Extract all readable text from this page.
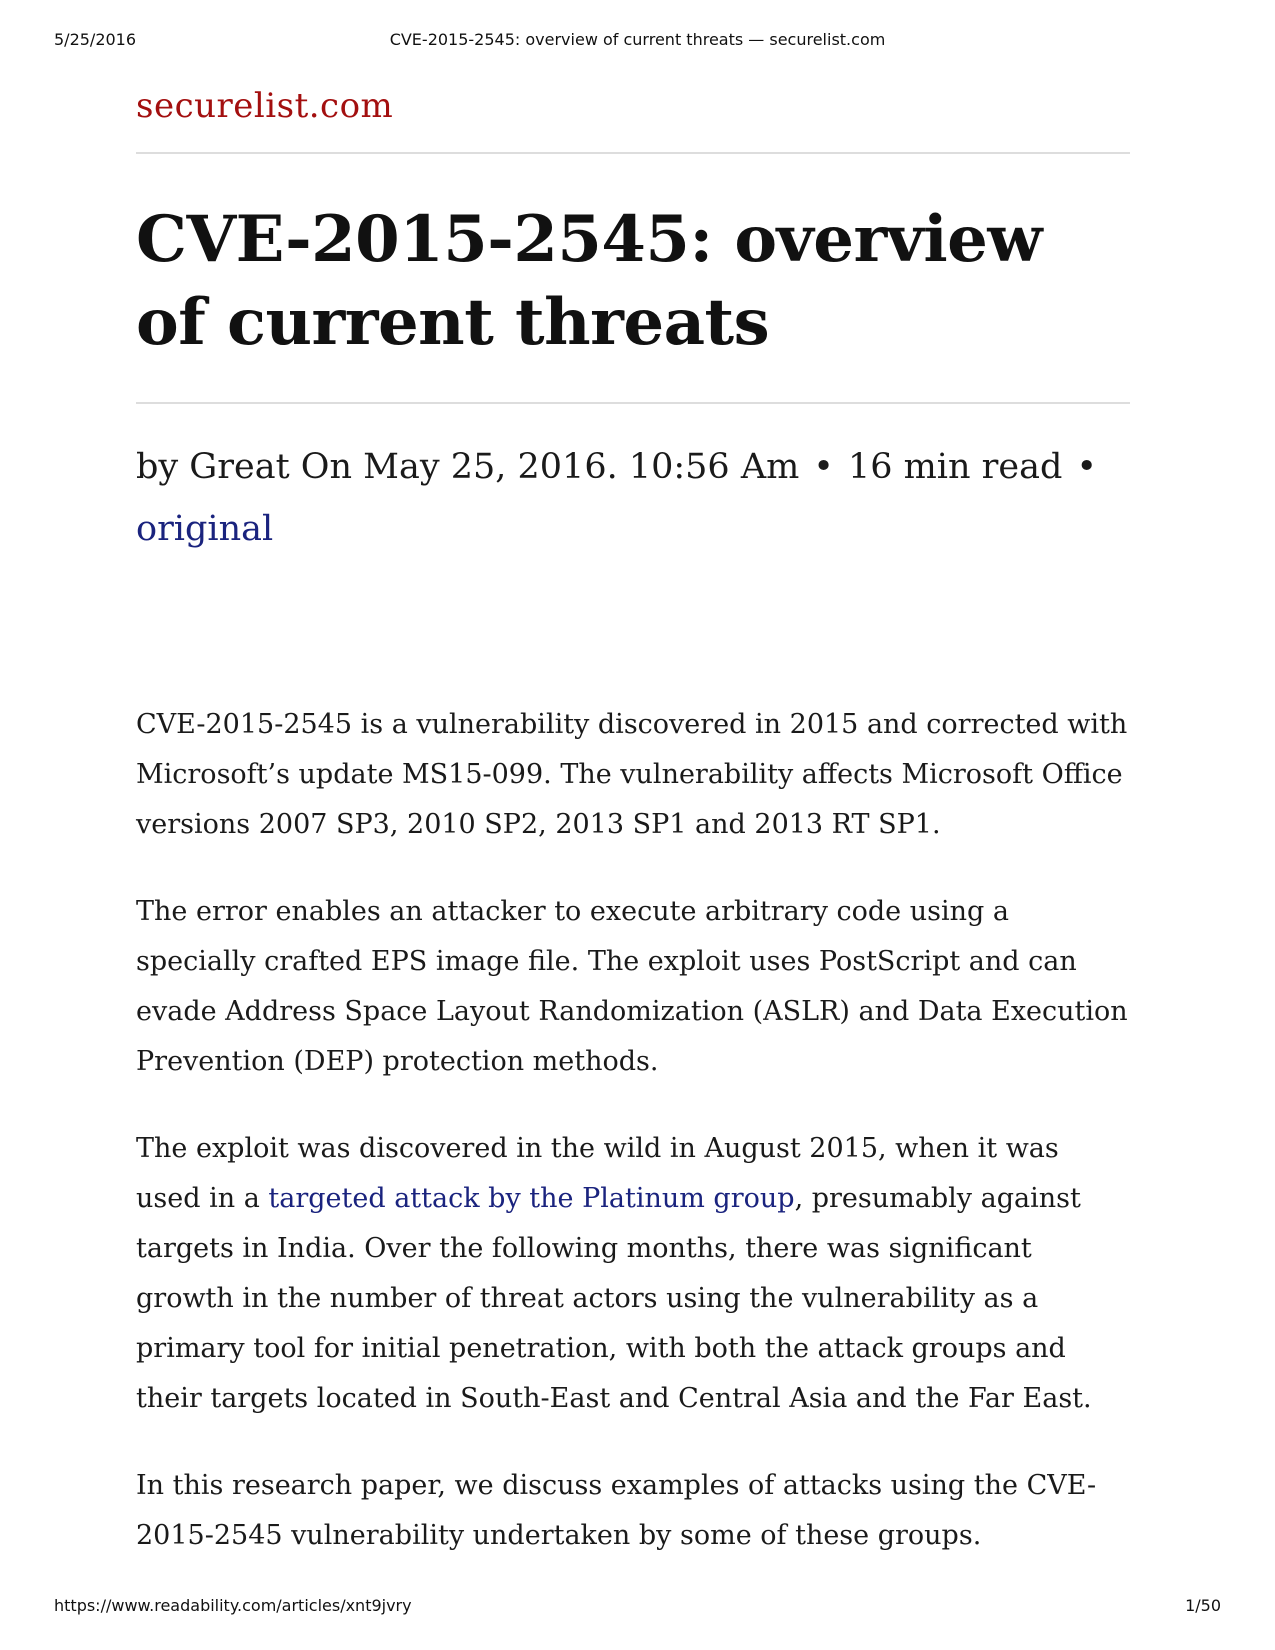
5/25/2016	CVE-2015-2545: overview of current threats — securelist.com
securelist.com
CVE-2015-2545: overview of current threats
by Great On May 25, 2016. 10:56 Am • 16 min read •
original

CVE-2015-2545 is a vulnerability discovered in 2015 and corrected with Microsoft’s update MS15-099. The vulnerability affects Microsoft Office versions 2007 SP3, 2010 SP2, 2013 SP1 and 2013 RT SP1.

The error enables an attacker to execute arbitrary code using a specially crafted EPS image file. The exploit uses PostScript and can evade Address Space Layout Randomization (ASLR) and Data Execution Prevention (DEP) protection methods.

The exploit was discovered in the wild in August 2015, when it was used in a targeted attack by the Platinum group, presumably against targets in India. Over the following months, there was significant growth in the number of threat actors using the vulnerability as a primary tool for initial penetration, with both the attack groups and their targets located in South-East and Central Asia and the Far East.

In this research paper, we discuss examples of attacks using the CVE-2015-2545 vulnerability undertaken by some of these groups.

https://www.readability.com/articles/xnt9jvry	1/50
